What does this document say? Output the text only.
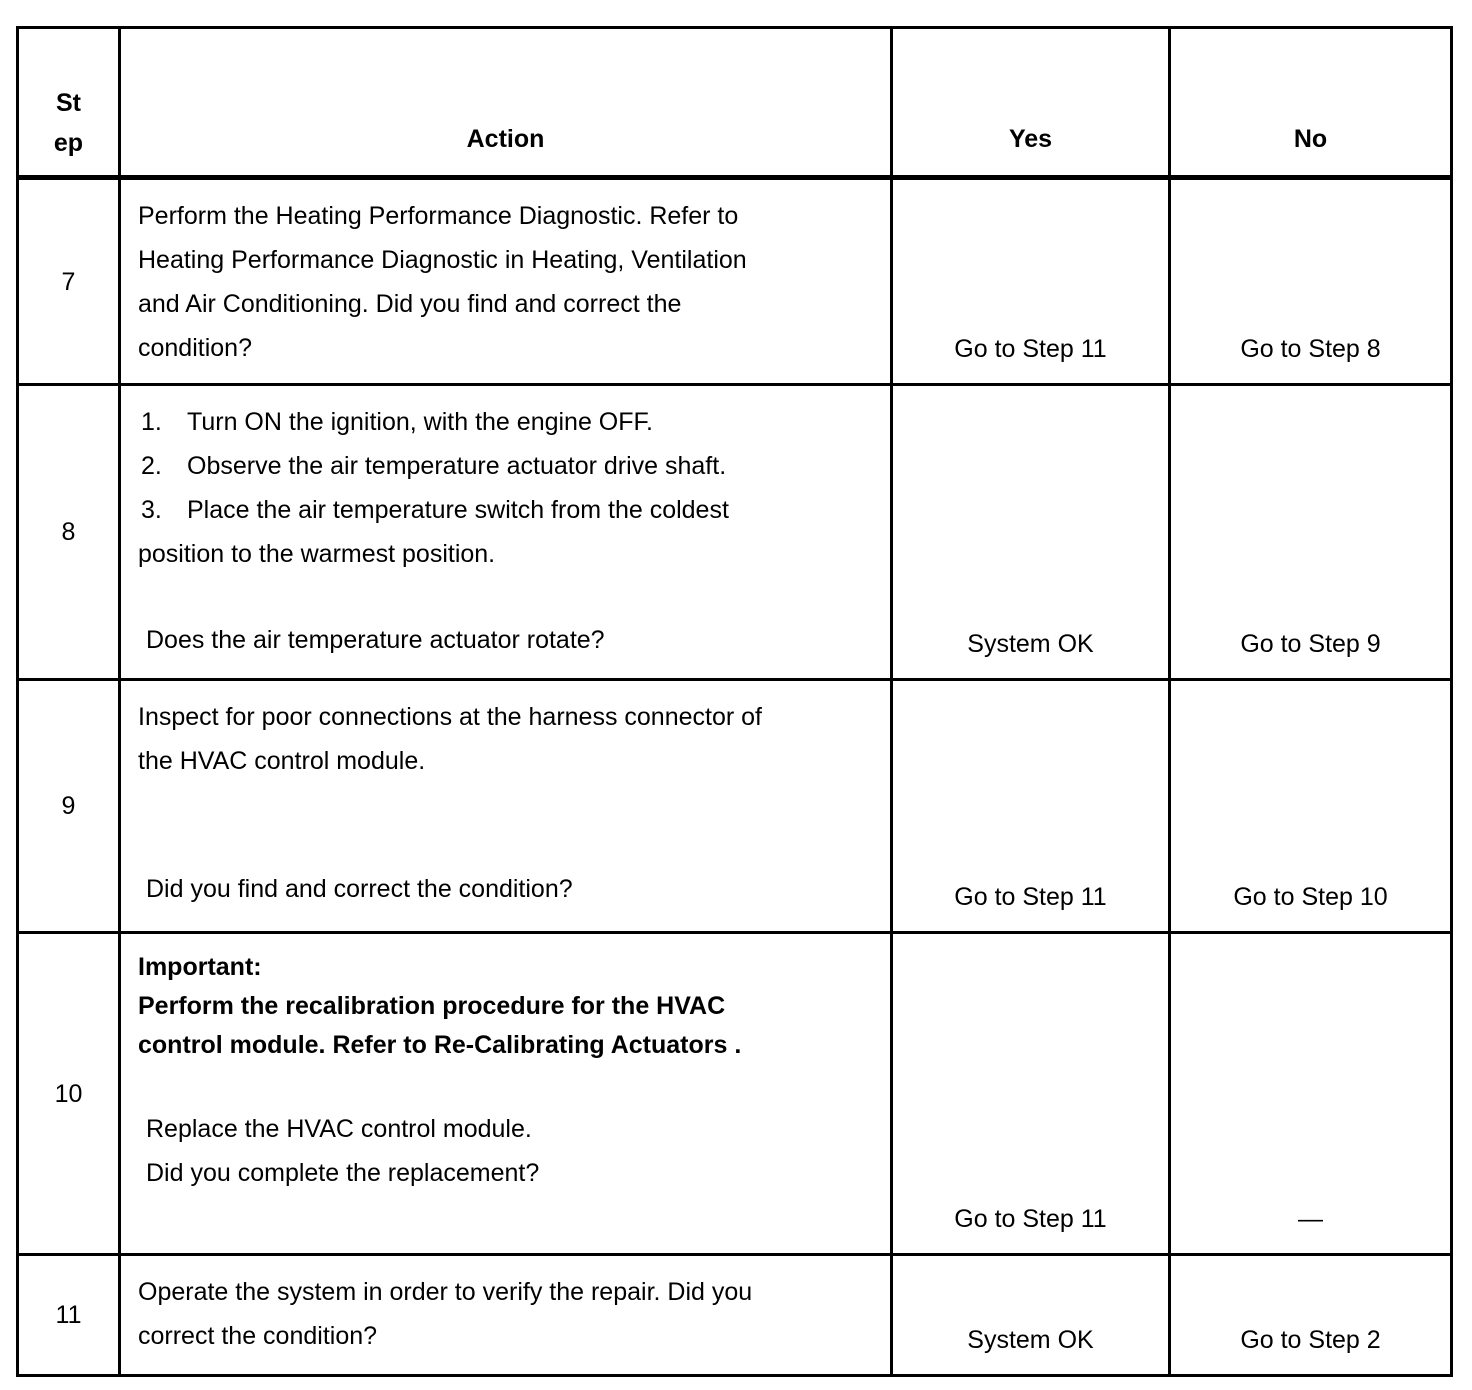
St
ep	Action	Yes	No
7	Perform the Heating Performance Diagnostic. Refer to
Heating Performance Diagnostic in Heating, Ventilation
and Air Conditioning. Did you find and correct the
condition?	Go to Step 11	Go to Step 8
8	1. Turn ON the ignition, with the engine OFF.
2. Observe the air temperature actuator drive shaft.
3. Place the air temperature switch from the coldest
position to the warmest position.
Does the air temperature actuator rotate?	System OK	Go to Step 9
9	Inspect for poor connections at the harness connector of
the HVAC control module.
Did you find and correct the condition?	Go to Step 11	Go to Step 10
10	Important:
Perform the recalibration procedure for the HVAC
control module. Refer to Re-Calibrating Actuators .
Replace the HVAC control module.
Did you complete the replacement?	Go to Step 11	—
11	Operate the system in order to verify the repair. Did you
correct the condition?	System OK	Go to Step 2
